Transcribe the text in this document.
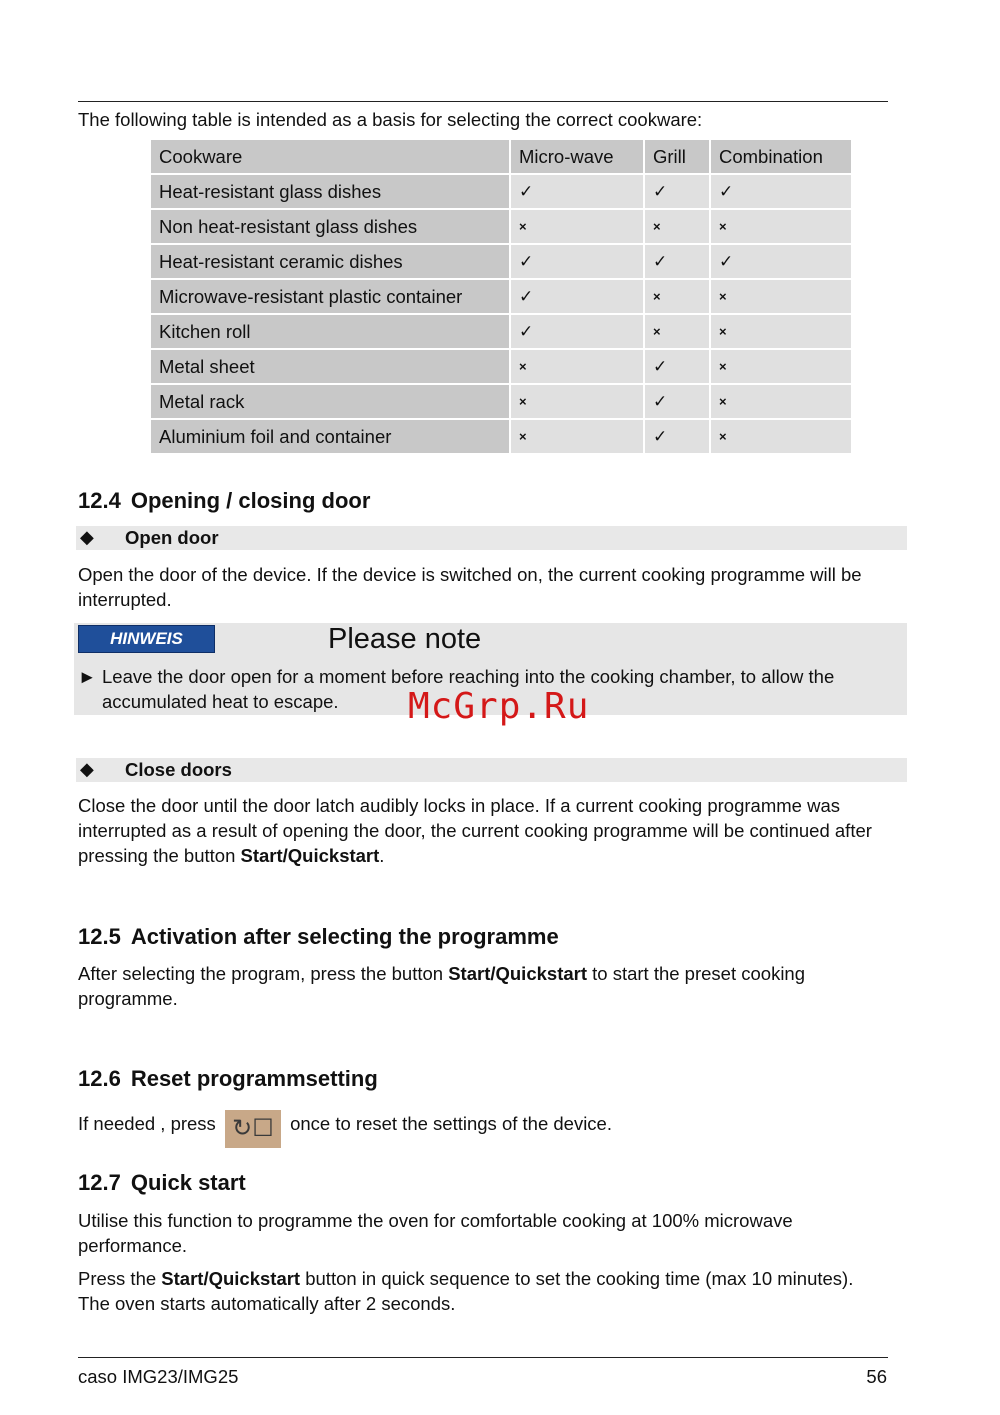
The following table is intended as a basis for selecting the correct cookware:
Cookware	Micro-wave	Grill	Combination
Heat-resistant glass dishes	✓	✓	✓
Non heat-resistant glass dishes	×	×	×
Heat-resistant ceramic dishes	✓	✓	✓
Microwave-resistant plastic container	✓	×	×
Kitchen roll	✓	×	×
Metal sheet	×	✓	×
Metal rack	×	✓	×
Aluminium foil and container	×	✓	×
12.4 Opening / closing door
◆ Open door
Open the door of the device. If the device is switched on, the current cooking programme will be interrupted.
HINWEIS	Please note
► Leave the door open for a moment before reaching into the cooking chamber, to allow the accumulated heat to escape.	McGrp.Ru
◆ Close doors
Close the door until the door latch audibly locks in place. If a current cooking programme was interrupted as a result of opening the door, the current cooking programme will be continued after pressing the button Start/Quickstart.
12.5 Activation after selecting the programme
After selecting the program, press the button Start/Quickstart to start the preset cooking programme.
12.6 Reset programmsetting
If needed , press ↻☐ once to reset the settings of the device.
12.7 Quick start
Utilise this function to programme the oven for comfortable cooking at 100% microwave performance.
Press the Start/Quickstart button in quick sequence to set the cooking time (max 10 minutes). The oven starts automatically after 2 seconds.
caso IMG23/IMG25	56
